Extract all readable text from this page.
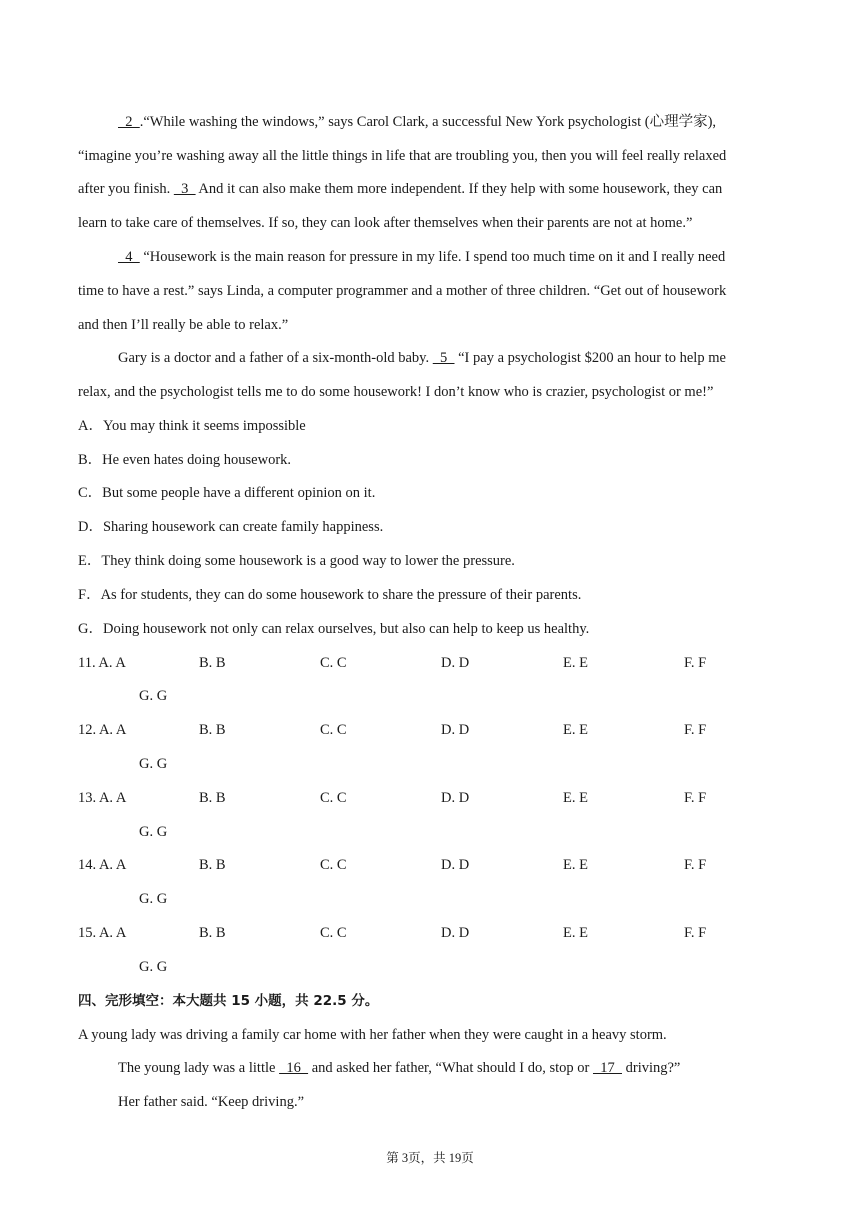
2  .“While washing the windows,” says Carol Clark, a successful New York psychologist (心理学家),
“imagine you’re washing away all the little things in life that are troubling you, then you will feel really relaxed
after you finish.   3   And it can also make them more independent. If they help with some housework, they can
learn to take care of themselves. If so, they can look after themselves when their parents are not at home.”
4   “Housework is the main reason for pressure in my life. I spend too much time on it and I really need
time to have a rest.” says Linda, a computer programmer and a mother of three children. “Get out of housework
and then I’ll really be able to relax.”
Gary is a doctor and a father of a six-month-old baby.   5   “I pay a psychologist $200 an hour to help me
relax, and the psychologist tells me to do some housework! I don’t know who is crazier, psychologist or me!”
A．You may think it seems impossible
B．He even hates doing housework.
C．But some people have a different opinion on it.
D．Sharing housework can create family happiness.
E．They think doing some housework is a good way to lower the pressure.
F．As for students, they can do some housework to share the pressure of their parents.
G．Doing housework not only can relax ourselves, but also can help to keep us healthy.
11. A. A	B. B	C. C	D. D	E. E	F. F
G. G
12. A. A	B. B	C. C	D. D	E. E	F. F
G. G
13. A. A	B. B	C. C	D. D	E. E	F. F
G. G
14. A. A	B. B	C. C	D. D	E. E	F. F
G. G
15. A. A	B. B	C. C	D. D	E. E	F. F
G. G
四、完形填空：本大题共 15 小题，共 22.5 分。
A young lady was driving a family car home with her father when they were caught in a heavy storm.
The young lady was a little   16   and asked her father, “What should I do, stop or   17   driving?”
Her father said. “Keep driving.”
第 3页，共 19页
